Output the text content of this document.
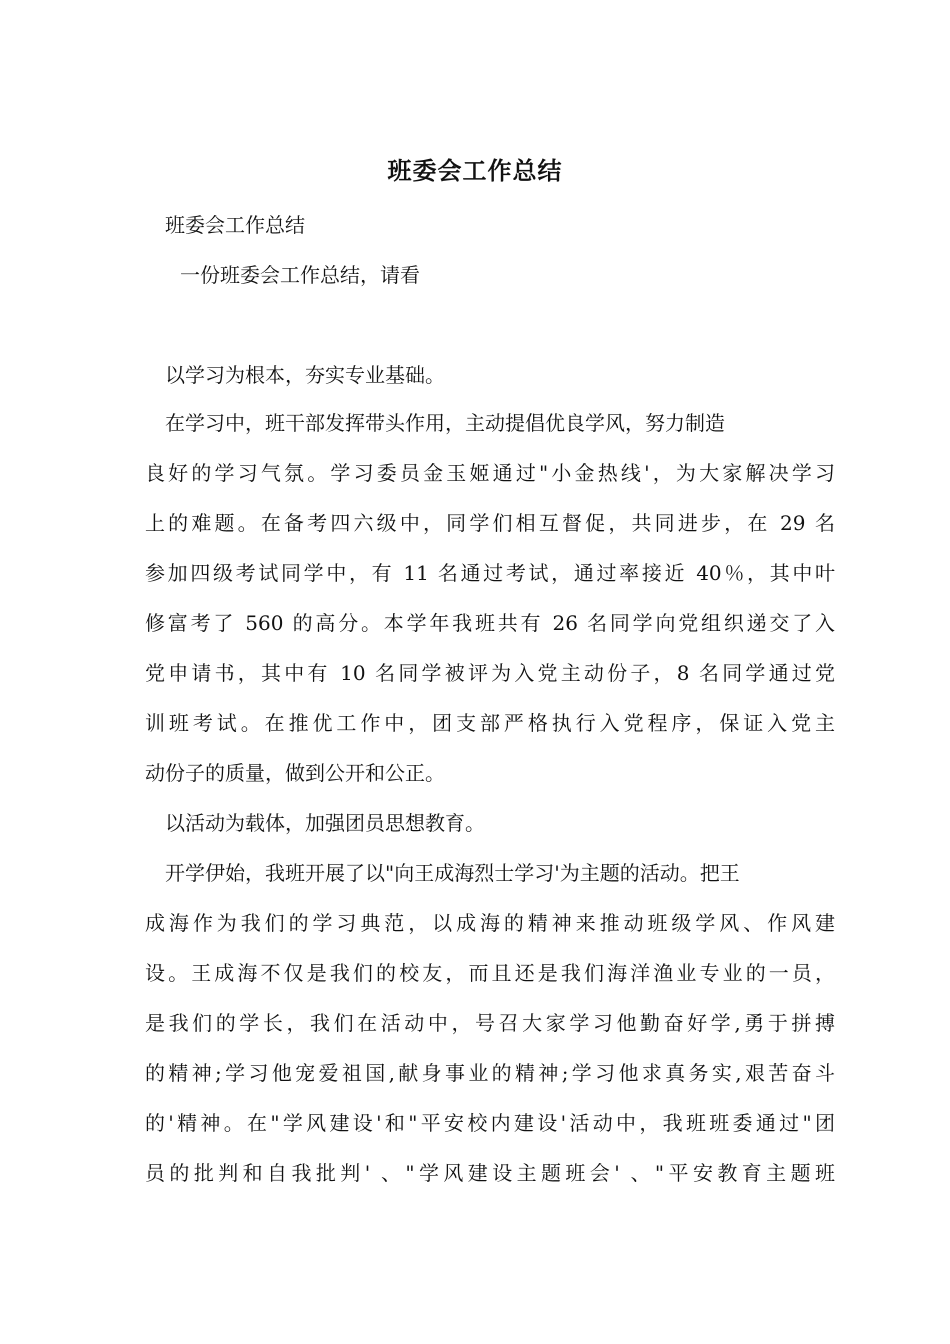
班委会工作总结
班委会工作总结
一份班委会工作总结，请看
以学习为根本，夯实专业基础。
在学习中，班干部发挥带头作用，主动提倡优良学风，努力制造
良好的学习气氛。学习委员金玉姬通过"小金热线'，为大家解决学习
上的难题。在备考四六级中，同学们相互督促，共同进步，在 29 名
参加四级考试同学中，有 11 名通过考试，通过率接近 40％，其中叶
修富考了 560 的高分。本学年我班共有 26 名同学向党组织递交了入
党申请书，其中有 10 名同学被评为入党主动份子，8 名同学通过党
训班考试。在推优工作中，团支部严格执行入党程序，保证入党主
动份子的质量，做到公开和公正。
以活动为载体，加强团员思想教育。
开学伊始，我班开展了以"向王成海烈士学习'为主题的活动。把王
成海作为我们的学习典范，以成海的精神来推动班级学风、作风建
设。王成海不仅是我们的校友，而且还是我们海洋渔业专业的一员，
是我们的学长，我们在活动中，号召大家学习他勤奋好学,勇于拼搏
的精神;学习他宠爱祖国,献身事业的精神;学习他求真务实,艰苦奋斗
的'精神。在"学风建设'和"平安校内建设'活动中，我班班委通过"团
员的批判和自我批判' 、"学风建设主题班会' 、"平安教育主题班
